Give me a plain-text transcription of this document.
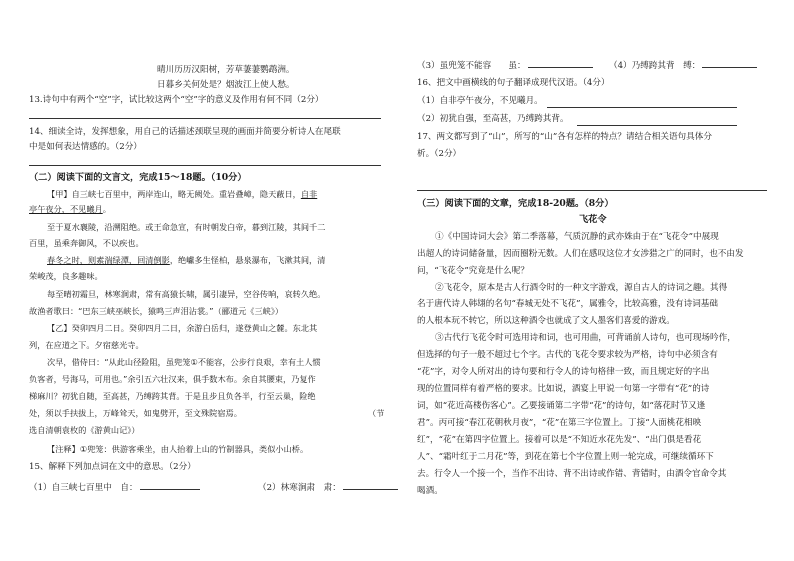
晴川历历汉阳树，芳草萋萋鹦鹉洲。
日暮乡关何处是？烟波江上使人愁。
13.诗句中有两个“空”字，试比较这两个“空”字的意义及作用有何不同（2分）
14、细读全诗，发挥想象，用自己的话描述颈联呈现的画面并简要分析诗人在尾联
中是如何表达情感的。（2分）
（二）阅读下面的文言文，完成15～18题。（10分）
【甲】自三峡七百里中，两岸连山，略无阙处。重岩叠嶂，隐天蔽日，自非
亭午夜分，不见曦月。
至于夏水襄陵，沿溯阻绝。或王命急宣，有时朝发白帝，暮到江陵，其间千二
百里，虽乘奔御风，不以疾也。
春冬之时，则素湍绿潭，回清倒影，绝巘多生怪柏，悬泉瀑布，飞漱其间，清
荣峻茂，良多趣味。
每至晴初霜旦，林寒涧肃，常有高猿长啸，属引凄异，空谷传响，哀转久绝。
故渔者歌曰：“巴东三峡巫峡长，猿鸣三声泪沾裳。”（郦道元《三峡》）
【乙】癸卯四月二日。癸卯四月二日，余游白岳归，遂登黄山之麓。东北其
列，在应道之下。夕宿慈光寺。
次早，借侍曰：“从此山径险阻，虽兜笼①不能容，公步行良艰，幸有土人惯
负客者，号海马，可用也。”余引五六壮汉来，俱手数木布。余自其腰束，乃复作
梯麻川？初犹自随，至高甚，乃缚跨其背。于是且步且负各半，行至云巢，险绝
处，须以手扶拔上，万峰耸天，如鬼劈开，至文殊院宿焉。	（节
选自清朝袁枚的《游黄山记》）
【注释】①兜笼：供游客乘坐，由人抬着上山的竹制器具，类似小山桥。
15、解释下列加点词在文中的意思。（2分）
（1）自三峡七百里中　自：	（2）林寒涧肃　肃：
（3）虽兜笼不能容　　虽：	（4）乃缚跨其背　缚：
16、把文中画横线的句子翻译成现代汉语。（4分）
（1）自非亭午夜分，不见曦月。
（2）初犹自强，至高甚，乃缚跨其背。
17、两文都写到了“山”，所写的“山”各有怎样的特点？请结合相关语句具体分
析。（2分）
（三）阅读下面的文章，完成18-20题。（8分）
飞花令
①《中国诗词大会》第二季落幕，气质沉静的武亦姝由于在“飞花令”中展现
出超人的诗词储备量，因而圈粉无数。人们在感叹这位才女涉猎之广的同时，也不由发
问，“飞花令”究竟是什么呢？
②飞花令，原本是古人行酒令时的一种文字游戏，源自古人的诗词之趣。其得
名于唐代诗人韩翃的名句“春城无处不飞花”，属雅令，比较高雅，没有诗词基础
的人根本玩不转它，所以这种酒令也就成了文人墨客们喜爱的游戏。
③古代行飞花令时可选用诗和词，也可用曲，可背诵前人诗句，也可现场吟作，
但选择的句子一般不超过七个字。古代的飞花令要求较为严格，诗句中必须含有
“花”字，对令人所对出的诗句要和行令人的诗句格律一致，而且规定好的字出
现的位置同样有着严格的要求。比如说，酒宴上甲说一句第一字带有“花”的诗
词，如“花近高楼伤客心”。乙要接诵第二字带“花”的诗句，如“落花时节又逢
君”。丙可接“春江花朝秋月夜”，“花”在第三字位置上。丁接“人面桃花相映
红”，“花”在第四字位置上。接着可以是“不知近水花先发”、“出门俱是看花
人”、“霜叶红于二月花”等，到花在第七个字位置上则一轮完成，可继续循环下
去。行令人一个接一个，当作不出诗、背不出诗或作错、背错时，由酒令官命令其
喝酒。
